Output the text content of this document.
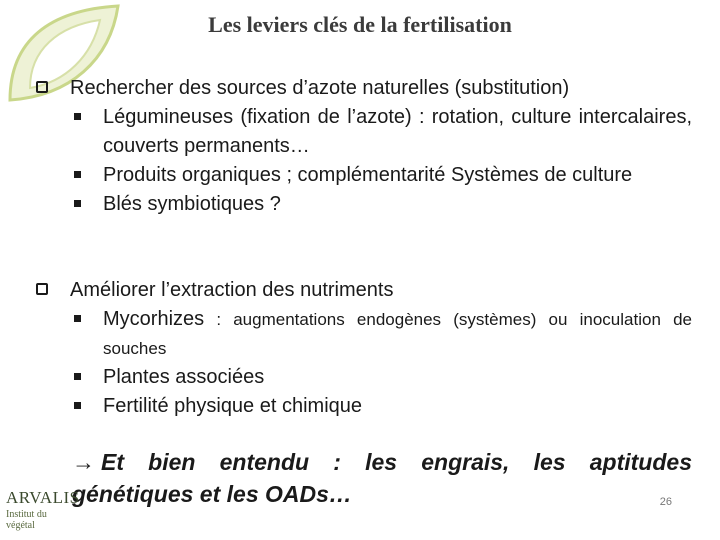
Les leviers clés de la fertilisation
Rechercher des sources d’azote naturelles (substitution)
Légumineuses (fixation de l’azote) : rotation, culture intercalaires, couverts permanents…
Produits organiques ; complémentarité Systèmes de culture
Blés symbiotiques ?
Améliorer l’extraction des nutriments
Mycorhizes : augmentations endogènes (systèmes) ou inoculation de souches
Plantes associées
Fertilité physique et chimique
→ Et bien entendu : les engrais, les aptitudes génétiques et les OADs…
ARVALIS
Institut du végétal
26
